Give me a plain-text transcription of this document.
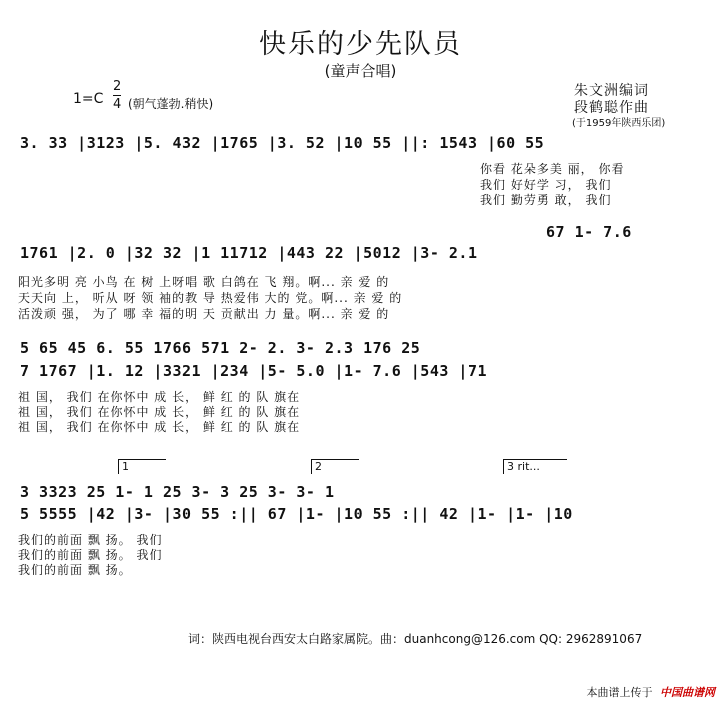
快乐的少先队员
(童声合唱)
1=C
2
4 (朝气蓬勃.稍快)
朱文洲编词
段鹤聪作曲
(于1959年陕西乐团)
3. 33 |3123 |5. 432 |1765 |3. 52 |10 55 ||: 1543 |60 55
你看 花朵多美 丽， 你看
我们 好好学 习， 我们
我们 勤劳勇 敢， 我们
67 1- 7.6
1761 |2. 0 |32 32 |1 11712 |443 22 |5012 |3- 2.1
阳光多明 亮 小鸟 在 树 上呀唱 歌 白鸽在 飞 翔。啊... 亲 爱 的
天天向 上， 听从 呀 领 袖的教 导 热爱伟 大的 党。啊... 亲 爱 的
活泼顽 强， 为了 哪 幸 福的明 天 贡献出 力 量。啊... 亲 爱 的
5 65 45 6. 55 1766 571 2- 2. 3- 2.3 176 25
7 1767 |1. 12 |3321 |234 |5- 5.0 |1- 7.6 |543 |71
祖 国， 我们 在你怀中 成 长， 鲜 红 的 队 旗在
祖 国， 我们 在你怀中 成 长， 鲜 红 的 队 旗在
祖 国， 我们 在你怀中 成 长， 鲜 红 的 队 旗在
1	2	3 rit...
3 3323 25 1- 1 25 3- 3 25 3- 3- 1
5 5555 |42 |3- |30 55 :|| 67 |1- |10 55 :|| 42 |1- |1- |10
我们的前面 飘 扬。 我们
我们的前面 飘 扬。 我们
我们的前面 飘 扬。
词：陕西电视台西安太白路家属院。曲：duanhcong@126.com QQ: 2962891067
本曲谱上传于 中国曲谱网
